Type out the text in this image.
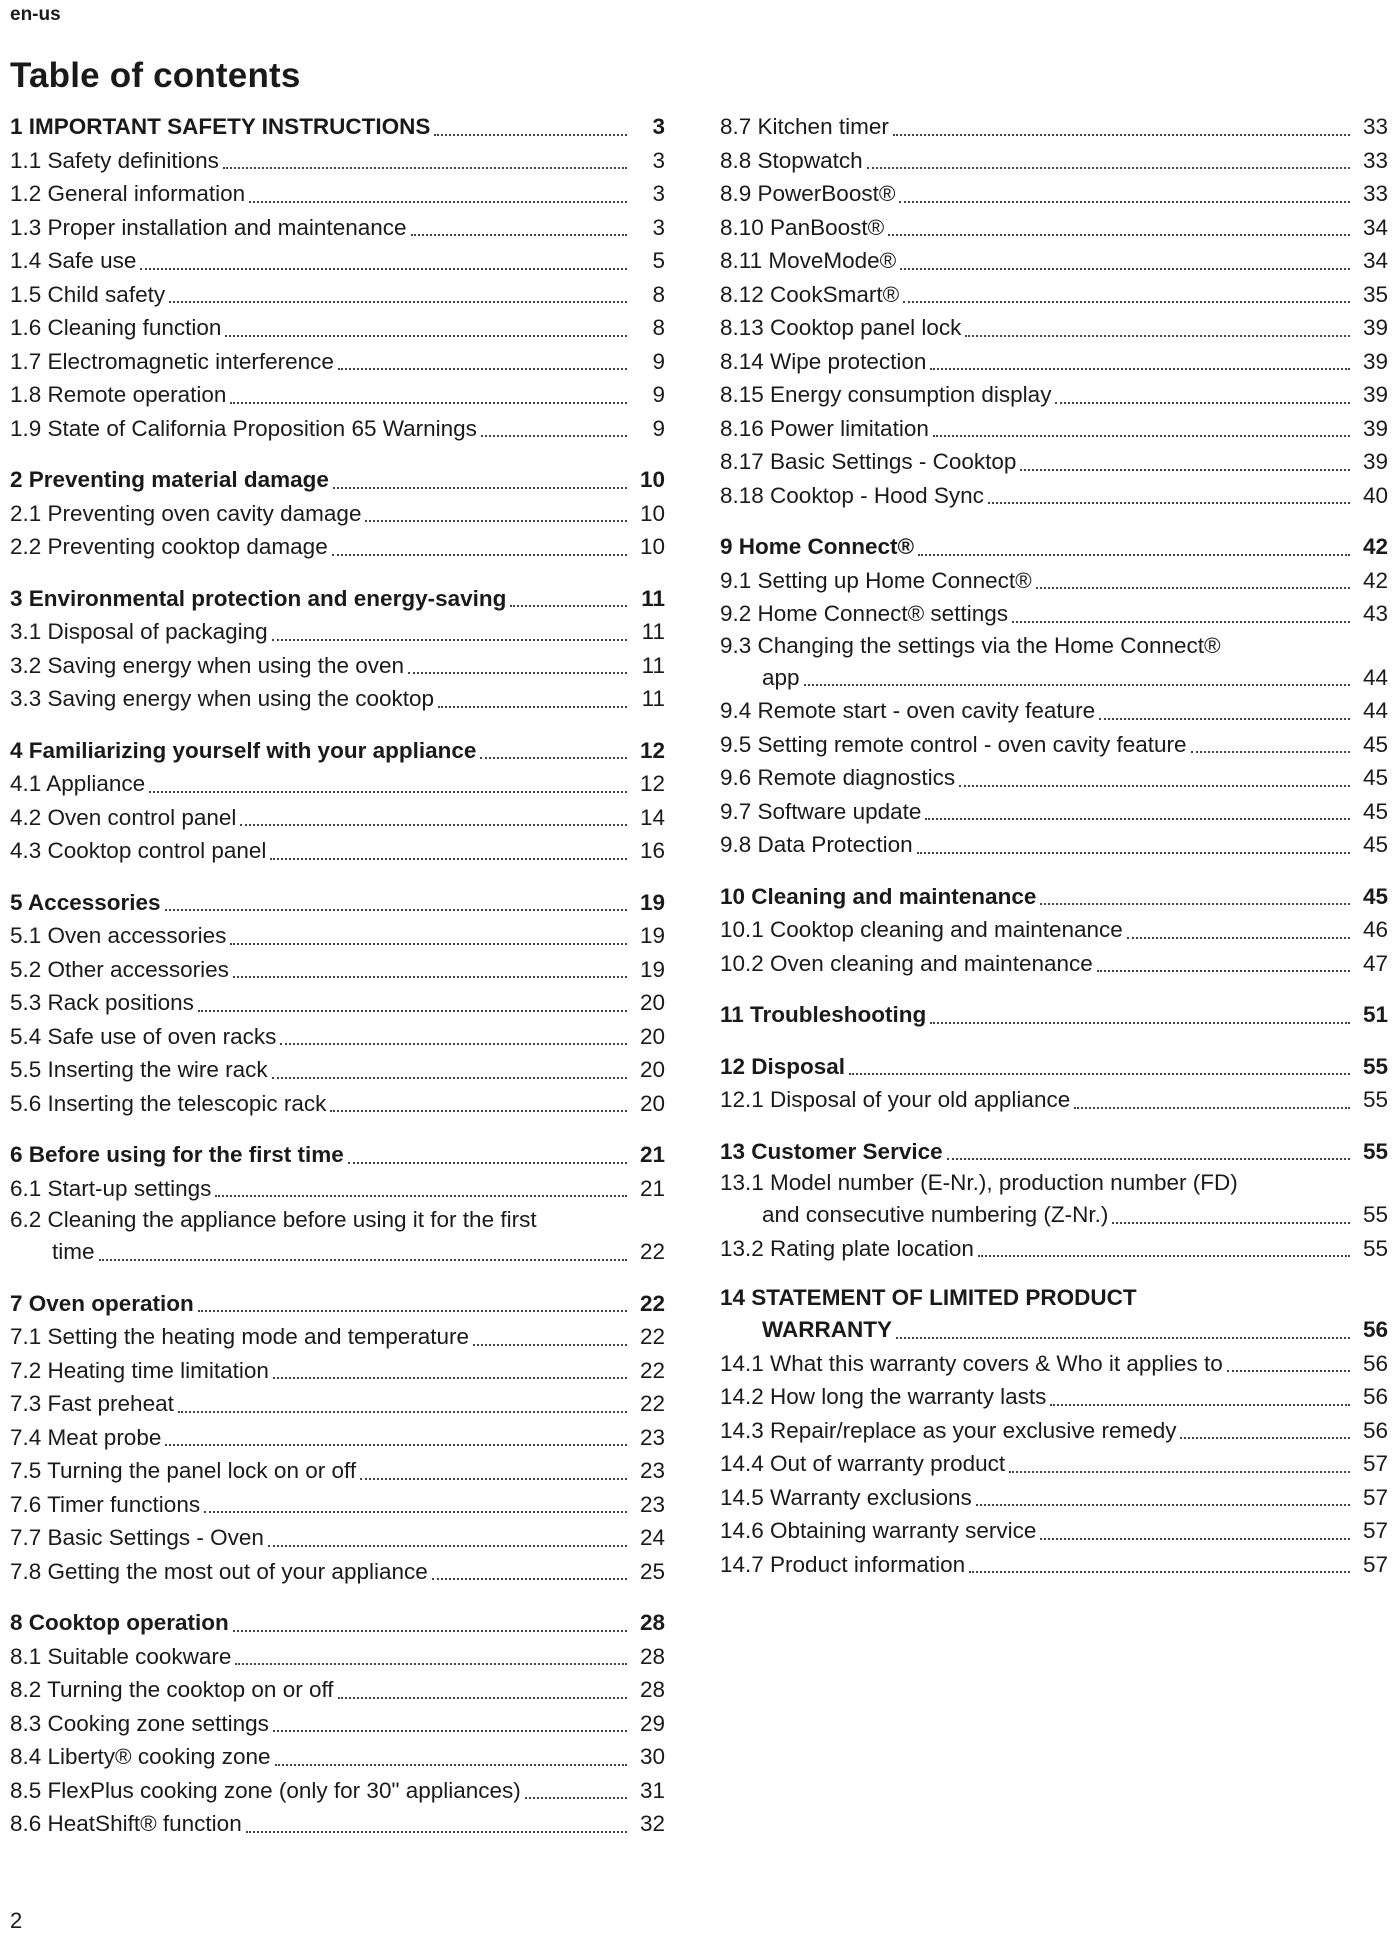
en-us
Table of contents
1 IMPORTANT SAFETY INSTRUCTIONS	3
1.1 Safety definitions	3
1.2 General information	3
1.3 Proper installation and maintenance	3
1.4 Safe use	5
1.5 Child safety	8
1.6 Cleaning function	8
1.7 Electromagnetic interference	9
1.8 Remote operation	9
1.9 State of California Proposition 65 Warnings	9
2 Preventing material damage	10
2.1 Preventing oven cavity damage	10
2.2 Preventing cooktop damage	10
3 Environmental protection and energy-saving	11
3.1 Disposal of packaging	11
3.2 Saving energy when using the oven	11
3.3 Saving energy when using the cooktop	11
4 Familiarizing yourself with your appliance	12
4.1 Appliance	12
4.2 Oven control panel	14
4.3 Cooktop control panel	16
5 Accessories	19
5.1 Oven accessories	19
5.2 Other accessories	19
5.3 Rack positions	20
5.4 Safe use of oven racks	20
5.5 Inserting the wire rack	20
5.6 Inserting the telescopic rack	20
6 Before using for the first time	21
6.1 Start-up settings	21
6.2 Cleaning the appliance before using it for the first
time	22
7 Oven operation	22
7.1 Setting the heating mode and temperature	22
7.2 Heating time limitation	22
7.3 Fast preheat	22
7.4 Meat probe	23
7.5 Turning the panel lock on or off	23
7.6 Timer functions	23
7.7 Basic Settings - Oven	24
7.8 Getting the most out of your appliance	25
8 Cooktop operation	28
8.1 Suitable cookware	28
8.2 Turning the cooktop on or off	28
8.3 Cooking zone settings	29
8.4 Liberty® cooking zone	30
8.5 FlexPlus cooking zone (only for 30" appliances)	31
8.6 HeatShift® function	32
8.7 Kitchen timer	33
8.8 Stopwatch	33
8.9 PowerBoost®	33
8.10 PanBoost®	34
8.11 MoveMode®	34
8.12 CookSmart®	35
8.13 Cooktop panel lock	39
8.14 Wipe protection	39
8.15 Energy consumption display	39
8.16 Power limitation	39
8.17 Basic Settings - Cooktop	39
8.18 Cooktop - Hood Sync	40
9 Home Connect®	42
9.1 Setting up Home Connect®	42
9.2 Home Connect® settings	43
9.3 Changing the settings via the Home Connect®
app	44
9.4 Remote start - oven cavity feature	44
9.5 Setting remote control - oven cavity feature	45
9.6 Remote diagnostics	45
9.7 Software update	45
9.8 Data Protection	45
10 Cleaning and maintenance	45
10.1 Cooktop cleaning and maintenance	46
10.2 Oven cleaning and maintenance	47
11 Troubleshooting	51
12 Disposal	55
12.1 Disposal of your old appliance	55
13 Customer Service	55
13.1 Model number (E-Nr.), production number (FD)
and consecutive numbering (Z-Nr.)	55
13.2 Rating plate location	55
14 STATEMENT OF LIMITED PRODUCT
WARRANTY	56
14.1 What this warranty covers & Who it applies to	56
14.2 How long the warranty lasts	56
14.3 Repair/replace as your exclusive remedy	56
14.4 Out of warranty product	57
14.5 Warranty exclusions	57
14.6 Obtaining warranty service	57
14.7 Product information	57
2
